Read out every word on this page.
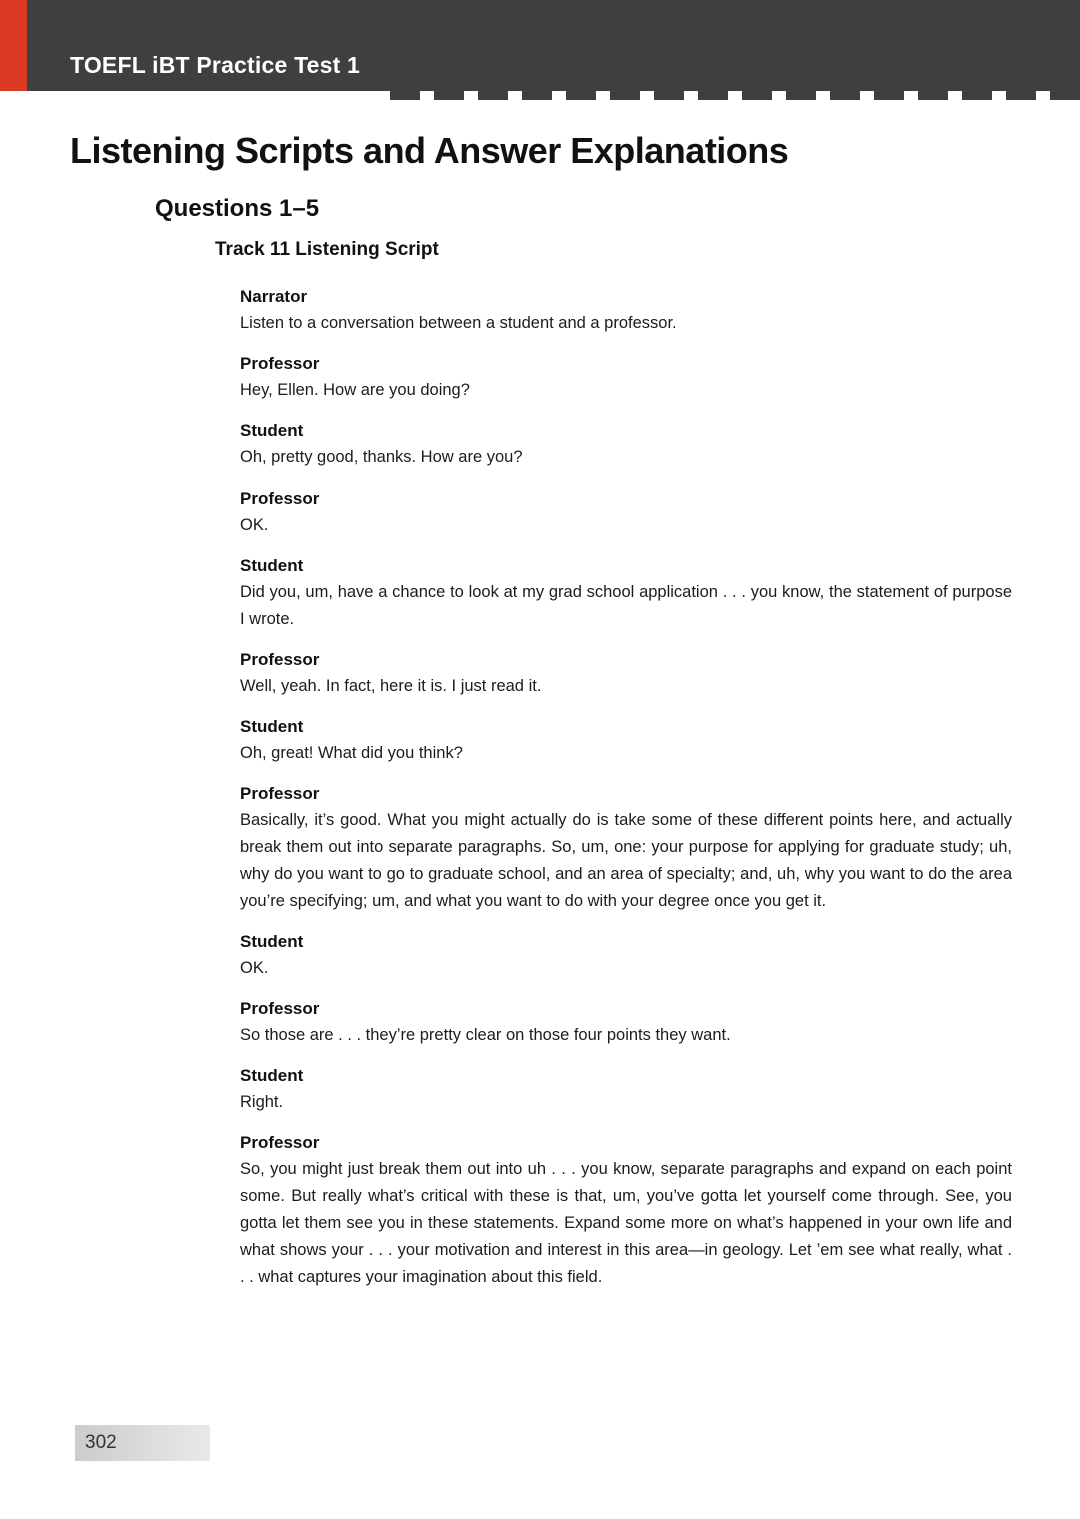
TOEFL iBT Practice Test 1
Listening Scripts and Answer Explanations
Questions 1–5
Track 11 Listening Script
Narrator

Listen to a conversation between a student and a professor.

Professor

Hey, Ellen. How are you doing?

Student

Oh, pretty good, thanks. How are you?

Professor

OK.

Student

Did you, um, have a chance to look at my grad school application . . . you know, the statement of purpose I wrote.

Professor

Well, yeah. In fact, here it is. I just read it.

Student

Oh, great! What did you think?

Professor

Basically, it’s good. What you might actually do is take some of these different points here, and actually break them out into separate paragraphs. So, um, one: your purpose for applying for graduate study; uh, why do you want to go to graduate school, and an area of specialty; and, uh, why you want to do the area you’re specifying; um, and what you want to do with your degree once you get it.

Student

OK.

Professor

So those are . . . they’re pretty clear on those four points they want.

Student

Right.

Professor

So, you might just break them out into uh . . . you know, separate paragraphs and expand on each point some. But really what’s critical with these is that, um, you’ve gotta let yourself come through. See, you gotta let them see you in these statements. Expand some more on what’s happened in your own life and what shows your . . . your motivation and interest in this area—in geology. Let ’em see what really, what . . . what captures your imagination about this field.

302
